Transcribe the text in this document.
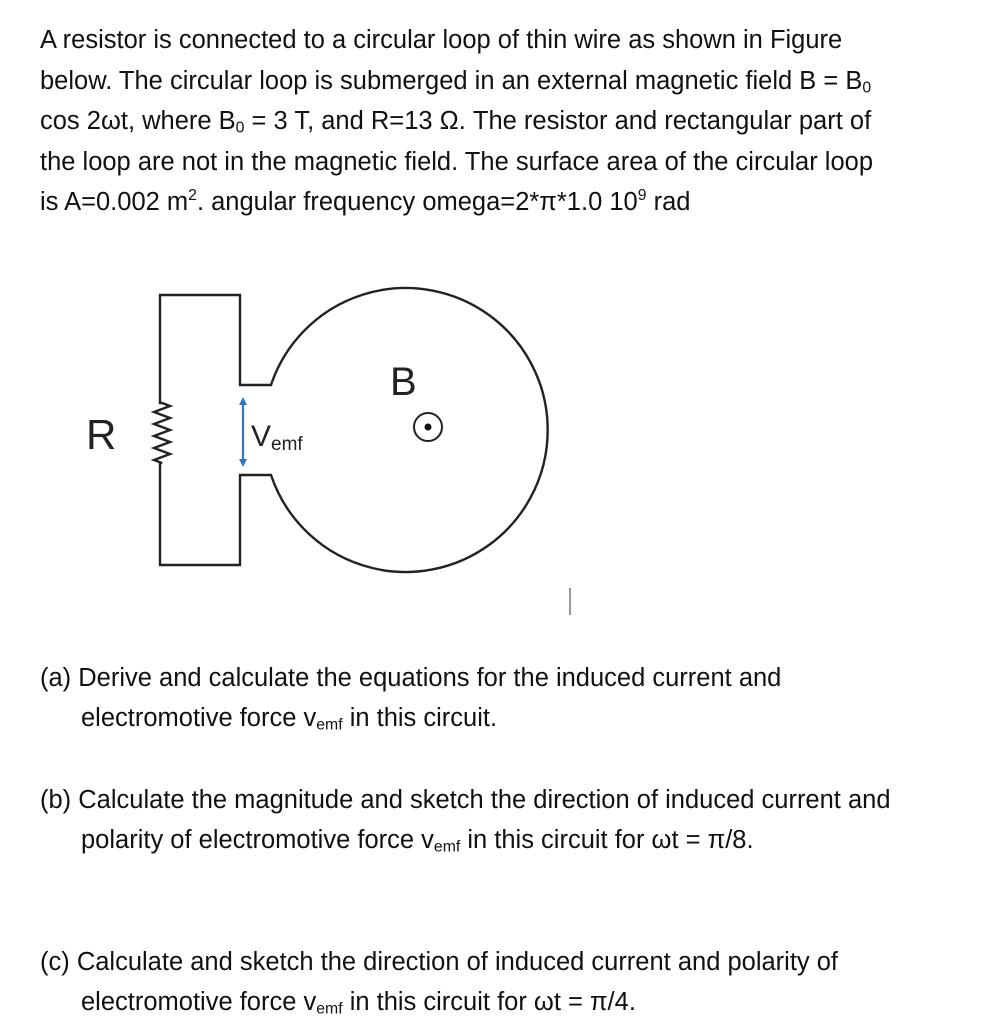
A resistor is connected to a circular loop of thin wire as shown in Figure
below. The circular loop is submerged in an external magnetic field $B = B_0$
cos 2ωt, where $B_0 = 3$ T, and R=13 Ω. The resistor and rectangular part of
the loop are not in the magnetic field. The surface area of the circular loop
is A=0.002 $m^2$. angular frequency omega=2*π*1.0 $10^9$ rad
R
B
$V_{emf}$
(a) Derive and calculate the equations for the induced current and
electromotive force $v_{emf}$ in this circuit.
(b) Calculate the magnitude and sketch the direction of induced current and
polarity of electromotive force $v_{emf}$ in this circuit for ωt = π/8.
(c) Calculate and sketch the direction of induced current and polarity of
electromotive force $v_{emf}$ in this circuit for ωt = π/4.
